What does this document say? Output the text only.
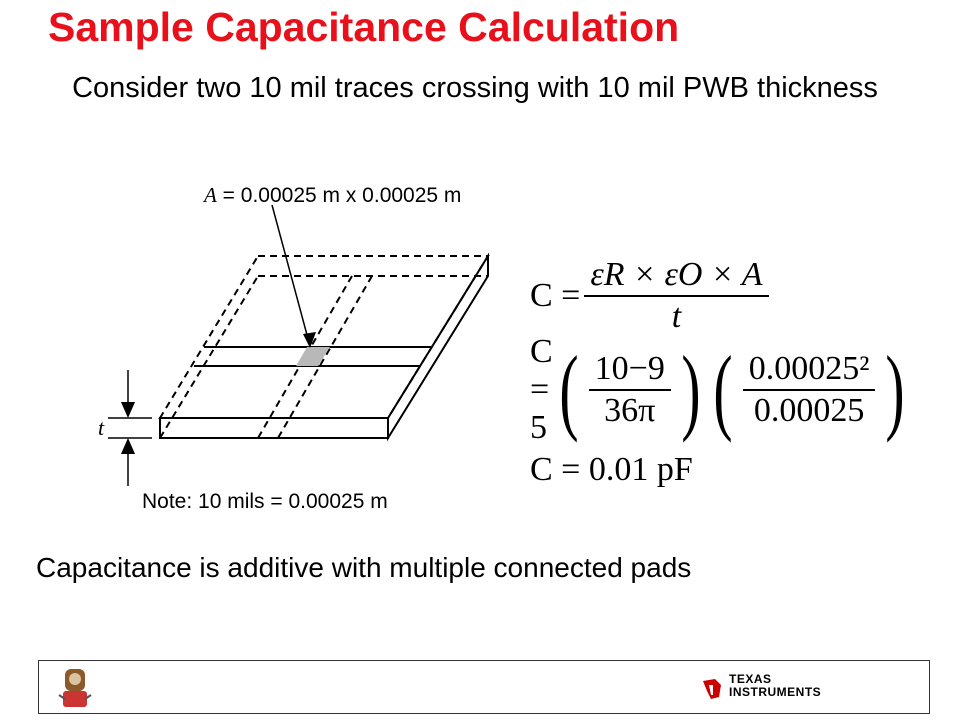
Sample Capacitance Calculation
Consider two 10 mil traces crossing with 10 mil PWB thickness
A = 0.00025 m x 0.00025 m
t
Note: 10 mils = 0.00025 m
$C = \frac{\varepsilon R \times \varepsilon O \times A}{t}$
C = 5 ( $\frac{10-9}{36\pi}$ ) ( $\frac{\text{0.00025²}}{0.00025}$ )
C = 0.01 pF
Capacitance is additive with multiple connected pads
TEXAS
INSTRUMENTS
